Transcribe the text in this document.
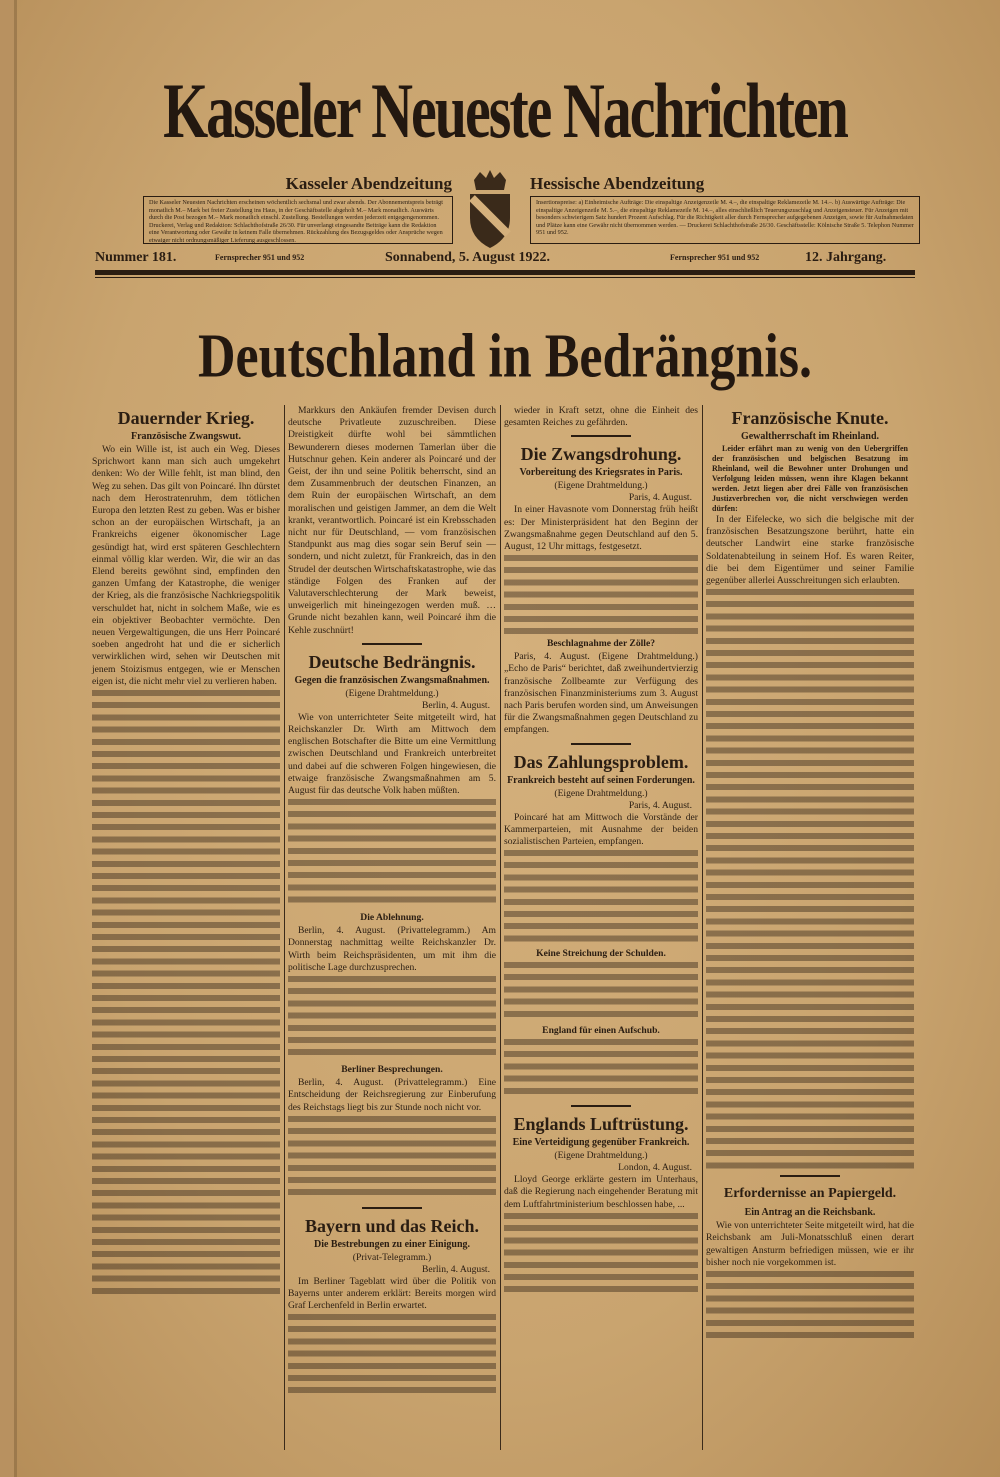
Kasseler Neueste Nachrichten
Kasseler Abendzeitung	Hessische Abendzeitung
Die Kasseler Neuesten Nachrichten erscheinen wöchentlich sechsmal und zwar abends. Der Abonnementspreis beträgt monatlich M.– Mark bei freier Zustellung ins Haus, in der Geschäftsstelle abgeholt M.– Mark monatlich. Auswärts durch die Post bezogen M.– Mark monatlich einschl. Zustellung. Bestellungen werden jederzeit entgegengenommen. Druckerei, Verlag und Redaktion: Schlachthofstraße 26/30. Für unverlangt eingesandte Beiträge kann die Redaktion eine Verantwortung oder Gewähr in keinem Falle übernehmen. Rückzahlung des Bezugsgeldes oder Ansprüche wegen etwaiger nicht ordnungsmäßiger Lieferung ausgeschlossen.
Insertionspreise: a) Einheimische Aufträge: Die einspaltige Anzeigenzeile M. 4.–, die einspaltige Reklamezeile M. 14.–. b) Auswärtige Aufträge: Die einspaltige Anzeigenzeile M. 5.–, die einspaltige Reklamezeile M. 14.–, alles einschließlich Teuerungszuschlag und Anzeigensteuer. Für Anzeigen mit besonders schwierigem Satz hundert Prozent Aufschlag. Für die Richtigkeit aller durch Fernsprecher aufgegebenen Anzeigen, sowie für Aufnahmedaten und Plätze kann eine Gewähr nicht übernommen werden. — Druckerei Schlachthofstraße 26/30. Geschäftsstelle: Kölnische Straße 5. Telephon Nummer 951 und 952.
Nummer 181.	Fernsprecher 951 und 952	Sonnabend, 5. August 1922.	Fernsprecher 951 und 952	12. Jahrgang.
Deutschland in Bedrängnis.
Dauernder Krieg.
Französische Zwangswut.

Wo ein Wille ist, ist auch ein Weg. Dieses Sprichwort kann man sich auch umgekehrt denken: Wo der Wille fehlt, ist man blind, den Weg zu sehen. Das gilt von Poincaré. Ihn dürstet nach dem Herostratenruhm, dem tötlichen Europa den letzten Rest zu geben. Was er bisher schon an der europäischen Wirtschaft, ja an Frankreichs eigener ökonomischer Lage gesündigt hat, wird erst späteren Geschlechtern einmal völlig klar werden. Wir, die wir an das Elend bereits gewöhnt sind, empfinden den ganzen Umfang der Katastrophe, die weniger der Krieg, als die französische Nachkriegspolitik verschuldet hat, nicht in solchem Maße, wie es ein objektiver Beobachter vermöchte. Den neuen Vergewaltigungen, die uns Herr Poincaré soeben angedroht hat und die er sicherlich verwirklichen wird, sehen wir Deutschen mit jenem Stoizismus entgegen, wie er Menschen eigen ist, die nicht mehr viel zu verlieren haben.

Markkurs den Ankäufen fremder Devisen durch deutsche Privatleute zuzuschreiben. Diese Dreistigkeit dürfte wohl bei sämmtlichen Bewunderern dieses modernen Tamerlan über die Hutschnur gehen. Kein anderer als Poincaré und der Geist, der ihn und seine Politik beherrscht, sind an dem Zusammenbruch der deutschen Finanzen, an dem Ruin der europäischen Wirtschaft, an dem moralischen und geistigen Jammer, an dem die Welt krankt, verantwortlich. Poincaré ist ein Krebsschaden nicht nur für Deutschland, — vom französischen Standpunkt aus mag dies sogar sein Beruf sein — sondern, und nicht zuletzt, für Frankreich, das in den Strudel der deutschen Wirtschaftskatastrophe, wie das ständige Folgen des Franken auf der Valutaverschlechterung der Mark beweist, unweigerlich mit hineingezogen werden muß. … Grunde nicht bezahlen kann, weil Poincaré ihm die Kehle zuschnürt!

Deutsche Bedrängnis.
Gegen die französischen Zwangsmaßnahmen.
(Eigene Drahtmeldung.)
Berlin, 4. August.

Wie von unterrichteter Seite mitgeteilt wird, hat Reichskanzler Dr. Wirth am Mittwoch dem englischen Botschafter die Bitte um eine Vermittlung zwischen Deutschland und Frankreich unterbreitet und dabei auf die schweren Folgen hingewiesen, die etwaige französische Zwangsmaßnahmen am 5. August für das deutsche Volk haben müßten.

Die Ablehnung.

Berlin, 4. August. (Privattelegramm.) Am Donnerstag nachmittag weilte Reichskanzler Dr. Wirth beim Reichspräsidenten, um mit ihm die politische Lage durchzusprechen.

Berliner Besprechungen.

Berlin, 4. August. (Privattelegramm.) Eine Entscheidung der Reichsregierung zur Einberufung des Reichstags liegt bis zur Stunde noch nicht vor.

Bayern und das Reich.
Die Bestrebungen zu einer Einigung.
(Privat-Telegramm.)
Berlin, 4. August.

Im Berliner Tageblatt wird über die Politik von Bayerns unter anderem erklärt: Bereits morgen wird Graf Lerchenfeld in Berlin erwartet.

wieder in Kraft setzt, ohne die Einheit des gesamten Reiches zu gefährden.

Die Zwangsdrohung.
Vorbereitung des Kriegsrates in Paris.
(Eigene Drahtmeldung.)
Paris, 4. August.

In einer Havasnote vom Donnerstag früh heißt es: Der Ministerpräsident hat den Beginn der Zwangsmaßnahme gegen Deutschland auf den 5. August, 12 Uhr mittags, festgesetzt.

Beschlagnahme der Zölle?

Paris, 4. August. (Eigene Drahtmeldung.) „Echo de Paris“ berichtet, daß zweihundertvierzig französische Zollbeamte zur Verfügung des französischen Finanzministeriums zum 3. August nach Paris berufen worden sind, um Anweisungen für die Zwangsmaßnahmen gegen Deutschland zu empfangen.

Das Zahlungsproblem.
Frankreich besteht auf seinen Forderungen.
(Eigene Drahtmeldung.)
Paris, 4. August.

Poincaré hat am Mittwoch die Vorstände der Kammerparteien, mit Ausnahme der beiden sozialistischen Parteien, empfangen.

Keine Streichung der Schulden.
England für einen Aufschub.
Englands Luftrüstung.
Eine Verteidigung gegenüber Frankreich.
(Eigene Drahtmeldung.)
London, 4. August.

Lloyd George erklärte gestern im Unterhaus, daß die Regierung nach eingehender Beratung mit dem Luftfahrtministerium beschlossen habe, ...

Französische Knute.
Gewaltherrschaft im Rheinland.

Leider erfährt man zu wenig von den Uebergriffen der französischen und belgischen Besatzung im Rheinland, weil die Bewohner unter Drohungen und Verfolgung leiden müssen, wenn ihre Klagen bekannt werden. Jetzt liegen aber drei Fälle von französischen Justizverbrechen vor, die nicht verschwiegen werden dürfen:

In der Eifelecke, wo sich die belgische mit der französischen Besatzungszone berührt, hatte ein deutscher Landwirt eine starke französische Soldatenabteilung in seinem Hof. Es waren Reiter, die bei dem Eigentümer und seiner Familie gegenüber allerlei Ausschreitungen sich erlaubten.

Erfordernisse an Papiergeld.
Ein Antrag an die Reichsbank.

Wie von unterrichteter Seite mitgeteilt wird, hat die Reichsbank am Juli-Monatsschluß einen derart gewaltigen Ansturm befriedigen müssen, wie er ihr bisher noch nie vorgekommen ist.
